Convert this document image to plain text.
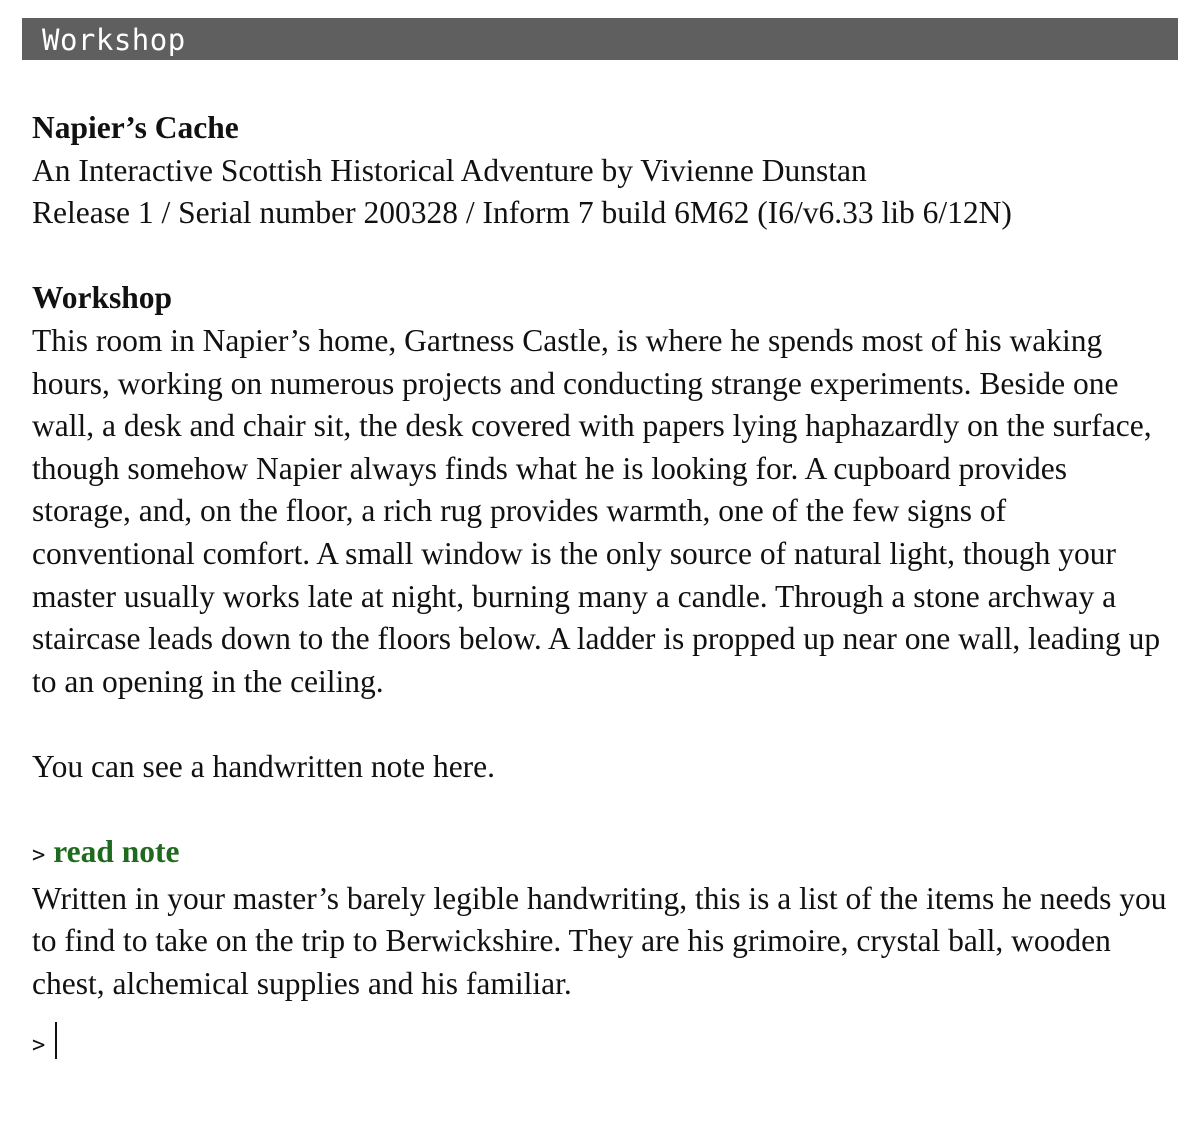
Workshop

Napier’s Cache

An Interactive Scottish Historical Adventure by Vivienne Dunstan

Release 1 / Serial number 200328 / Inform 7 build 6M62 (I6/v6.33 lib 6/12N)

Workshop

This room in Napier’s home, Gartness Castle, is where he spends most of his waking hours, working on numerous projects and conducting strange experiments. Beside one wall, a desk and chair sit, the desk covered with papers lying haphazardly on the surface, though somehow Napier always finds what he is looking for. A cupboard provides storage, and, on the floor, a rich rug provides warmth, one of the few signs of conventional comfort. A small window is the only source of natural light, though your master usually works late at night, burning many a candle. Through a stone archway a staircase leads down to the floors below. A ladder is propped up near one wall, leading up to an opening in the ceiling.

You can see a handwritten note here.

> read note

Written in your master’s barely legible handwriting, this is a list of the items he needs you to find to take on the trip to Berwickshire. They are his grimoire, crystal ball, wooden chest, alchemical supplies and his familiar.

>
